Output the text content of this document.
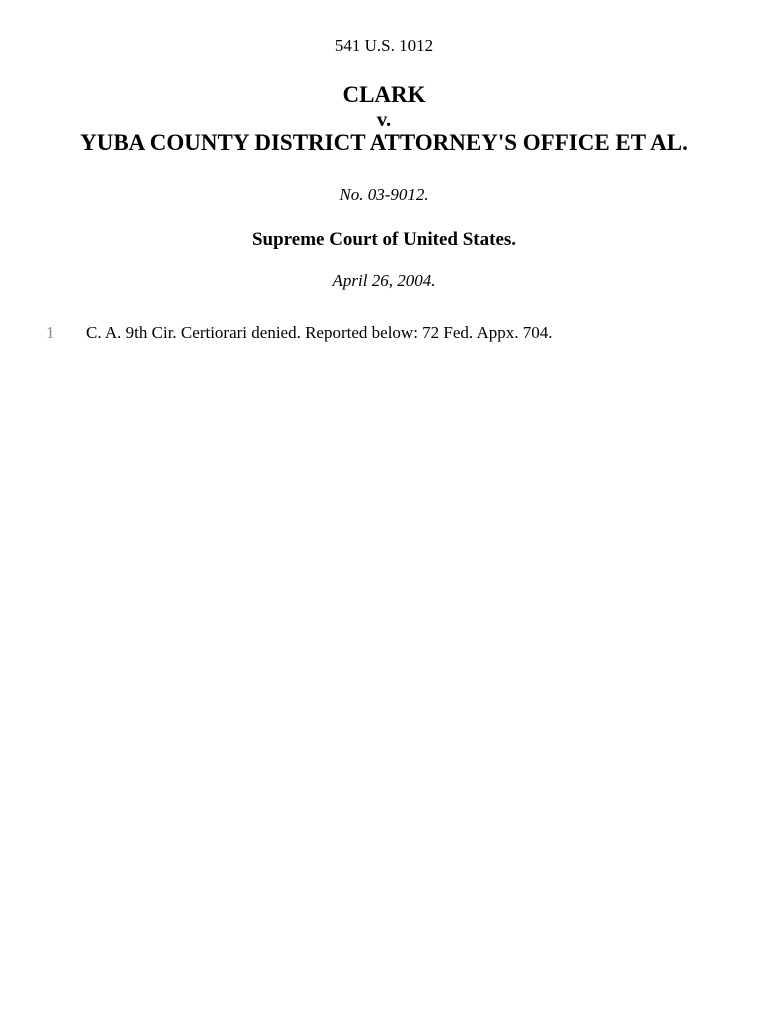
541 U.S. 1012
CLARK
v.
YUBA COUNTY DISTRICT ATTORNEY'S OFFICE ET AL.
No. 03-9012.
Supreme Court of United States.
April 26, 2004.
1 C. A. 9th Cir. Certiorari denied. Reported below: 72 Fed. Appx. 704.
